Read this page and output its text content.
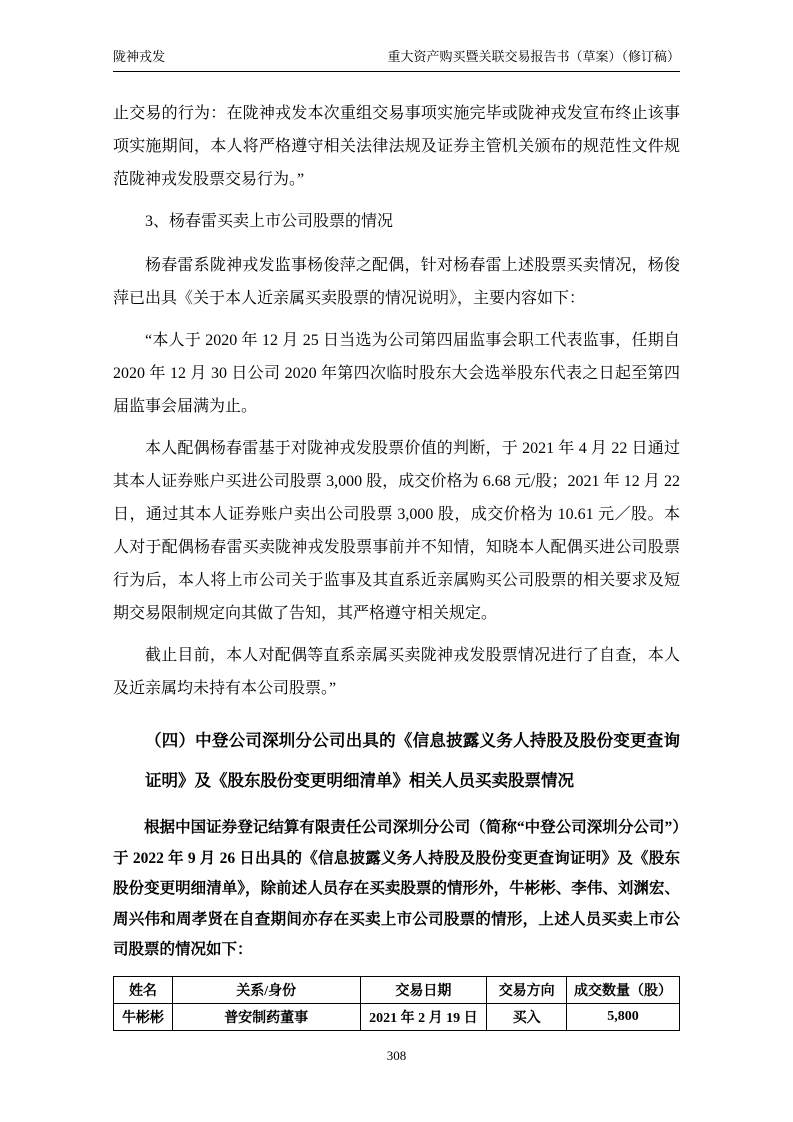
陇神戎发	重大资产购买暨关联交易报告书（草案）（修订稿）

止交易的行为：在陇神戎发本次重组交易事项实施完毕或陇神戎发宣布终止该事项实施期间，本人将严格遵守相关法律法规及证券主管机关颁布的规范性文件规范陇神戎发股票交易行为。”

3、杨春雷买卖上市公司股票的情况

杨春雷系陇神戎发监事杨俊萍之配偶，针对杨春雷上述股票买卖情况，杨俊萍已出具《关于本人近亲属买卖股票的情况说明》，主要内容如下：

“本人于 2020 年 12 月 25 日当选为公司第四届监事会职工代表监事，任期自 2020 年 12 月 30 日公司 2020 年第四次临时股东大会选举股东代表之日起至第四届监事会届满为止。

本人配偶杨春雷基于对陇神戎发股票价值的判断，于 2021 年 4 月 22 日通过其本人证券账户买进公司股票 3,000 股，成交价格为 6.68 元/股；2021 年 12 月 22 日，通过其本人证券账户卖出公司股票 3,000 股，成交价格为 10.61 元／股。本人对于配偶杨春雷买卖陇神戎发股票事前并不知情，知晓本人配偶买进公司股票行为后，本人将上市公司关于监事及其直系近亲属购买公司股票的相关要求及短期交易限制规定向其做了告知，其严格遵守相关规定。

截止目前，本人对配偶等直系亲属买卖陇神戎发股票情况进行了自查，本人及近亲属均未持有本公司股票。”

（四）中登公司深圳分公司出具的《信息披露义务人持股及股份变更查询证明》及《股东股份变更明细清单》相关人员买卖股票情况

根据中国证券登记结算有限责任公司深圳分公司（简称“中登公司深圳分公司”）于 2022 年 9 月 26 日出具的《信息披露义务人持股及股份变更查询证明》及《股东股份变更明细清单》，除前述人员存在买卖股票的情形外，牛彬彬、李伟、刘渊宏、周兴伟和周孝贤在自查期间亦存在买卖上市公司股票的情形，上述人员买卖上市公司股票的情况如下：

姓名	关系/身份	交易日期	交易方向	成交数量（股）
牛彬彬	普安制药董事	2021 年 2 月 19 日	买入	5,800
308
